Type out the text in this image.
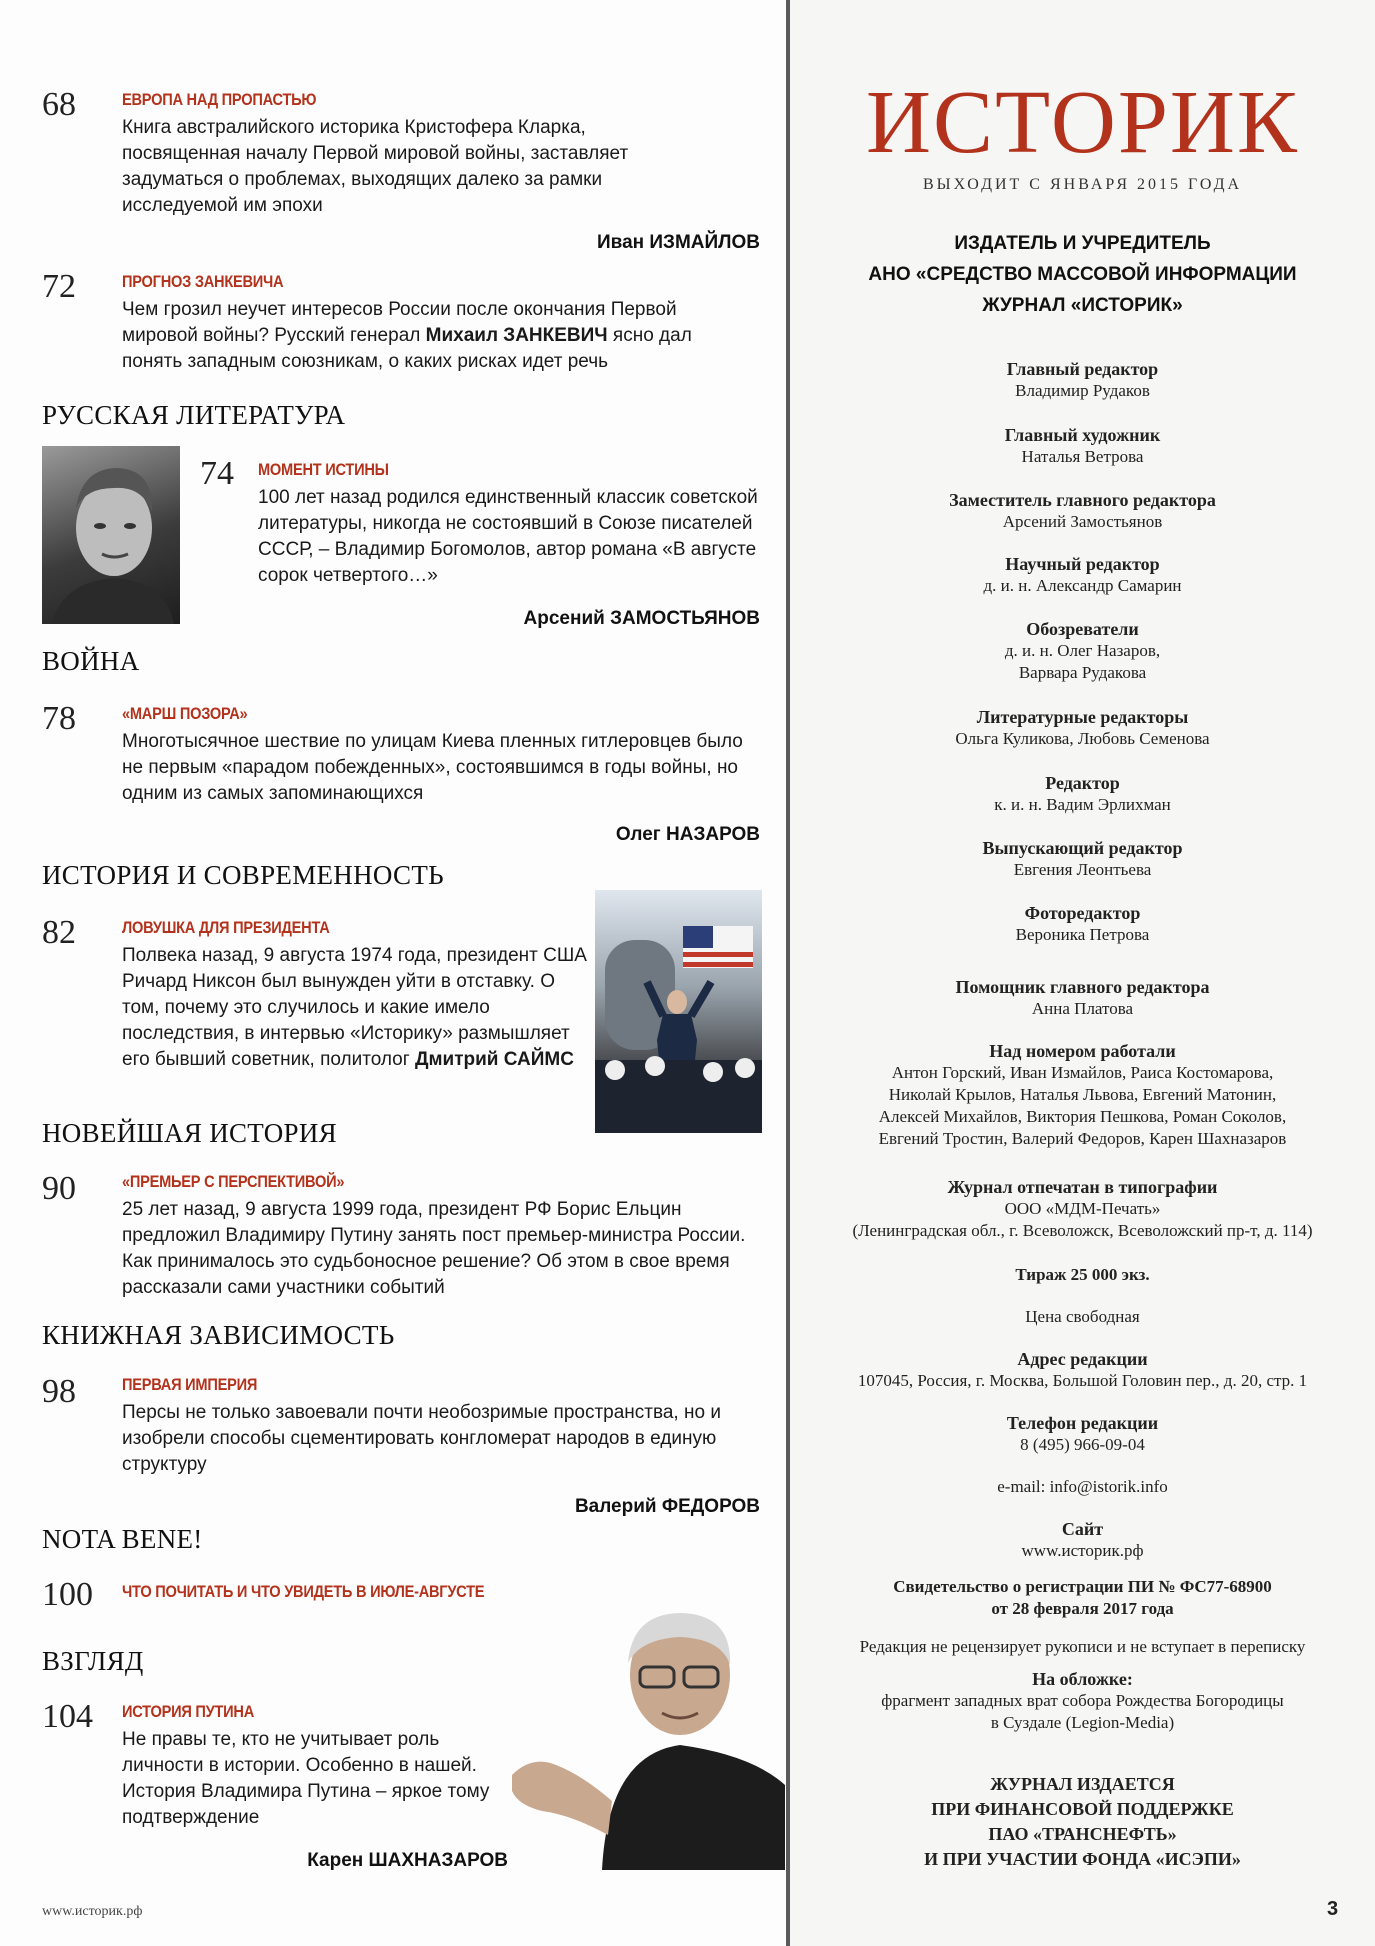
68	ЕВРОПА НАД ПРОПАСТЬЮ
Книга австралийского историка Кристофера Кларка, посвященная началу Первой мировой войны, заставляет задуматься о проблемах, выходящих далеко за рамки исследуемой им эпохи
Иван ИЗМАЙЛОВ
72	ПРОГНОЗ ЗАНКЕВИЧА
Чем грозил неучет интересов России после окончания Первой мировой войны? Русский генерал Михаил ЗАНКЕВИЧ ясно дал понять западным союзникам, о каких рисках идет речь
РУССКАЯ ЛИТЕРАТУРА
74 МОМЕНТ ИСТИНЫ
100 лет назад родился единственный классик советской литературы, никогда не состоявший в Союзе писателей СССР, – Владимир Богомолов, автор романа «В августе сорок четвертого…»
Арсений ЗАМОСТЬЯНОВ
ВОЙНА
78	«МАРШ ПОЗОРА»
Многотысячное шествие по улицам Киева пленных гитлеровцев было не первым «парадом побежденных», состоявшимся в годы войны, но одним из самых запоминающихся
Олег НАЗАРОВ
ИСТОРИЯ И СОВРЕМЕННОСТЬ
82	ЛОВУШКА ДЛЯ ПРЕЗИДЕНТА
Полвека назад, 9 августа 1974 года, президент США Ричард Никсон был вынужден уйти в отставку. О том, почему это случилось и какие имело последствия, в интервью «Историку» размышляет его бывший советник, политолог Дмитрий САЙМС
НОВЕЙШАЯ ИСТОРИЯ
90	«ПРЕМЬЕР С ПЕРСПЕКТИВОЙ»
25 лет назад, 9 августа 1999 года, президент РФ Борис Ельцин предложил Владимиру Путину занять пост премьер-министра России. Как принималось это судьбоносное решение? Об этом в свое время рассказали сами участники событий
КНИЖНАЯ ЗАВИСИМОСТЬ
98	ПЕРВАЯ ИМПЕРИЯ
Персы не только завоевали почти необозримые пространства, но и изобрели способы сцементировать конгломерат народов в единую структуру
Валерий ФЕДОРОВ
NOTA BENE!
100 ЧТО ПОЧИТАТЬ И ЧТО УВИДЕТЬ В ИЮЛЕ-АВГУСТЕ
ВЗГЛЯД
104 ИСТОРИЯ ПУТИНА
Не правы те, кто не учитывает роль личности в истории. Особенно в нашей. История Владимира Путина – яркое тому подтверждение
Карен ШАХНАЗАРОВ
www.историк.рф
ИСТОРИК
ВЫХОДИТ С ЯНВАРЯ 2015 ГОДА
ИЗДАТЕЛЬ И УЧРЕДИТЕЛЬ
АНО «СРЕДСТВО МАССОВОЙ ИНФОРМАЦИИ
ЖУРНАЛ «ИСТОРИК»
Главный редактор
Владимир Рудаков
Главный художник
Наталья Ветрова
Заместитель главного редактора
Арсений Замостьянов
Научный редактор
д. и. н. Александр Самарин
Обозреватели
д. и. н. Олег Назаров,
Варвара Рудакова
Литературные редакторы
Ольга Куликова, Любовь Семенова
Редактор
к. и. н. Вадим Эрлихман
Выпускающий редактор
Евгения Леонтьева
Фоторедактор
Вероника Петрова
Помощник главного редактора
Анна Платова
Над номером работали
Антон Горский, Иван Измайлов, Раиса Костомарова,
Николай Крылов, Наталья Львова, Евгений Матонин,
Алексей Михайлов, Виктория Пешкова, Роман Соколов,
Евгений Тростин, Валерий Федоров, Карен Шахназаров
Журнал отпечатан в типографии
ООО «МДМ-Печать»
(Ленинградская обл., г. Всеволожск, Всеволожский пр-т, д. 114)
Тираж 25 000 экз.
Цена свободная
Адрес редакции
107045, Россия, г. Москва, Большой Головин пер., д. 20, стр. 1
Телефон редакции
8 (495) 966-09-04
e-mail: info@istorik.info
Сайт
www.историк.рф
Свидетельство о регистрации ПИ № ФС77-68900
от 28 февраля 2017 года
Редакция не рецензирует рукописи и не вступает в переписку
На обложке:
фрагмент западных врат собора Рождества Богородицы
в Суздале (Legion-Media)
ЖУРНАЛ ИЗДАЕТСЯ
ПРИ ФИНАНСОВОЙ ПОДДЕРЖКЕ
ПАО «ТРАНСНЕФТЬ»
И ПРИ УЧАСТИИ ФОНДА «ИСЭПИ»
3
